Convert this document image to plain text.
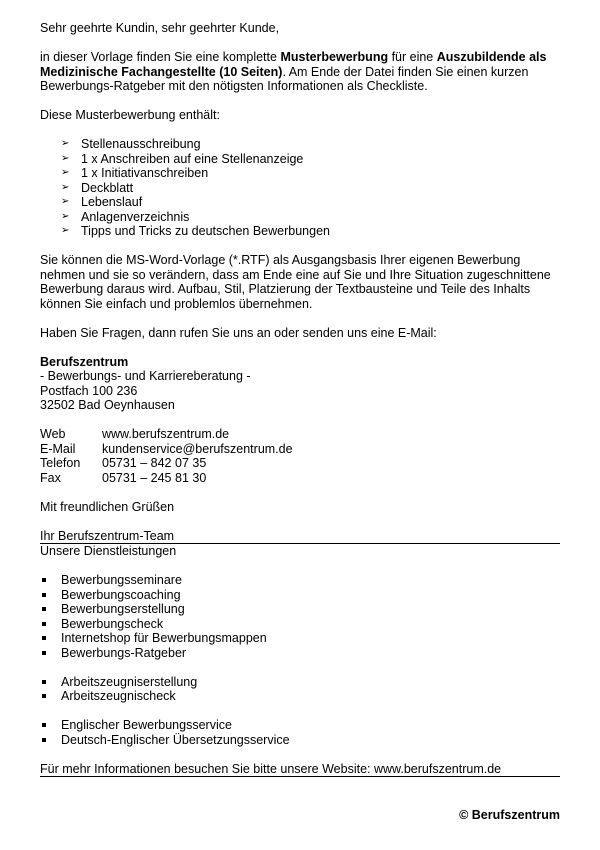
Sehr geehrte Kundin, sehr geehrter Kunde,

in dieser Vorlage finden Sie eine komplette Musterbewerbung für eine Auszubildende als Medizinische Fachangestellte (10 Seiten). Am Ende der Datei finden Sie einen kurzen Bewerbungs-Ratgeber mit den nötigsten Informationen als Checkliste.

Diese Musterbewerbung enthält:

➢ Stellenausschreibung
➢ 1 x Anschreiben auf eine Stellenanzeige
➢ 1 x Initiativanschreiben
➢ Deckblatt
➢ Lebenslauf
➢ Anlagenverzeichnis
➢ Tipps und Tricks zu deutschen Bewerbungen

Sie können die MS-Word-Vorlage (*.RTF) als Ausgangsbasis Ihrer eigenen Bewerbung nehmen und sie so verändern, dass am Ende eine auf Sie und Ihre Situation zugeschnittene Bewerbung daraus wird. Aufbau, Stil, Platzierung der Textbausteine und Teile des Inhalts können Sie einfach und problemlos übernehmen.

Haben Sie Fragen, dann rufen Sie uns an oder senden uns eine E-Mail:

Berufszentrum

- Bewerbungs- und Karriereberatung -

Postfach 100 236

32502 Bad Oeynhausen

Web	www.berufszentrum.de
E-Mail	kundenservice@berufszentrum.de
Telefon	05731 – 842 07 35
Fax	05731 – 245 81 30

Mit freundlichen Grüßen

Ihr Berufszentrum-Team

Unsere Dienstleistungen

Bewerbungsseminare
Bewerbungscoaching
Bewerbungserstellung
Bewerbungscheck
Internetshop für Bewerbungsmappen
Bewerbungs-Ratgeber
Arbeitszeugniserstellung
Arbeitszeugnischeck
Englischer Bewerbungsservice
Deutsch-Englischer Übersetzungsservice

Für mehr Informationen besuchen Sie bitte unsere Website: www.berufszentrum.de

© Berufszentrum
